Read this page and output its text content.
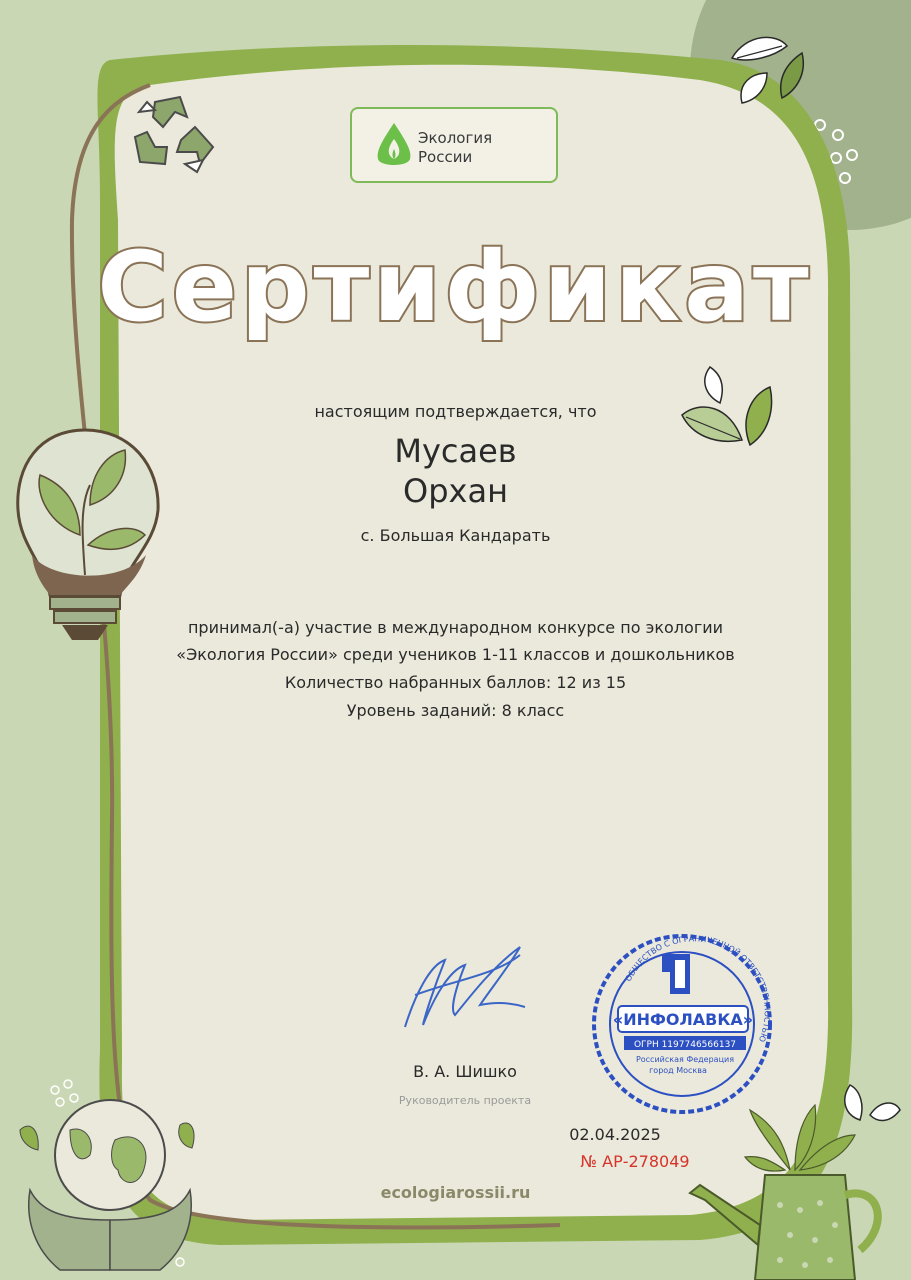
Экология
России
Сертификат
настоящим подтверждается, что
Мусаев
Орхан
с. Большая Кандарать
принимал(-а) участие в международном конкурсе по экологии
«Экология России» среди учеников 1-11 классов и дошкольников
Количество набранных баллов: 12 из 15
Уровень заданий: 8 класс
В. А. Шишко
Руководитель проекта
«ИНФОЛАВКА»
ОГРН 1197746566137
Российская Федерация
город Москва
ОБЩЕСТВО С ОГРАНИЧЕННОЙ ОТВЕТСТВЕННОСТЬЮ
02.04.2025
№ АР-278049
ecologiarossii.ru
